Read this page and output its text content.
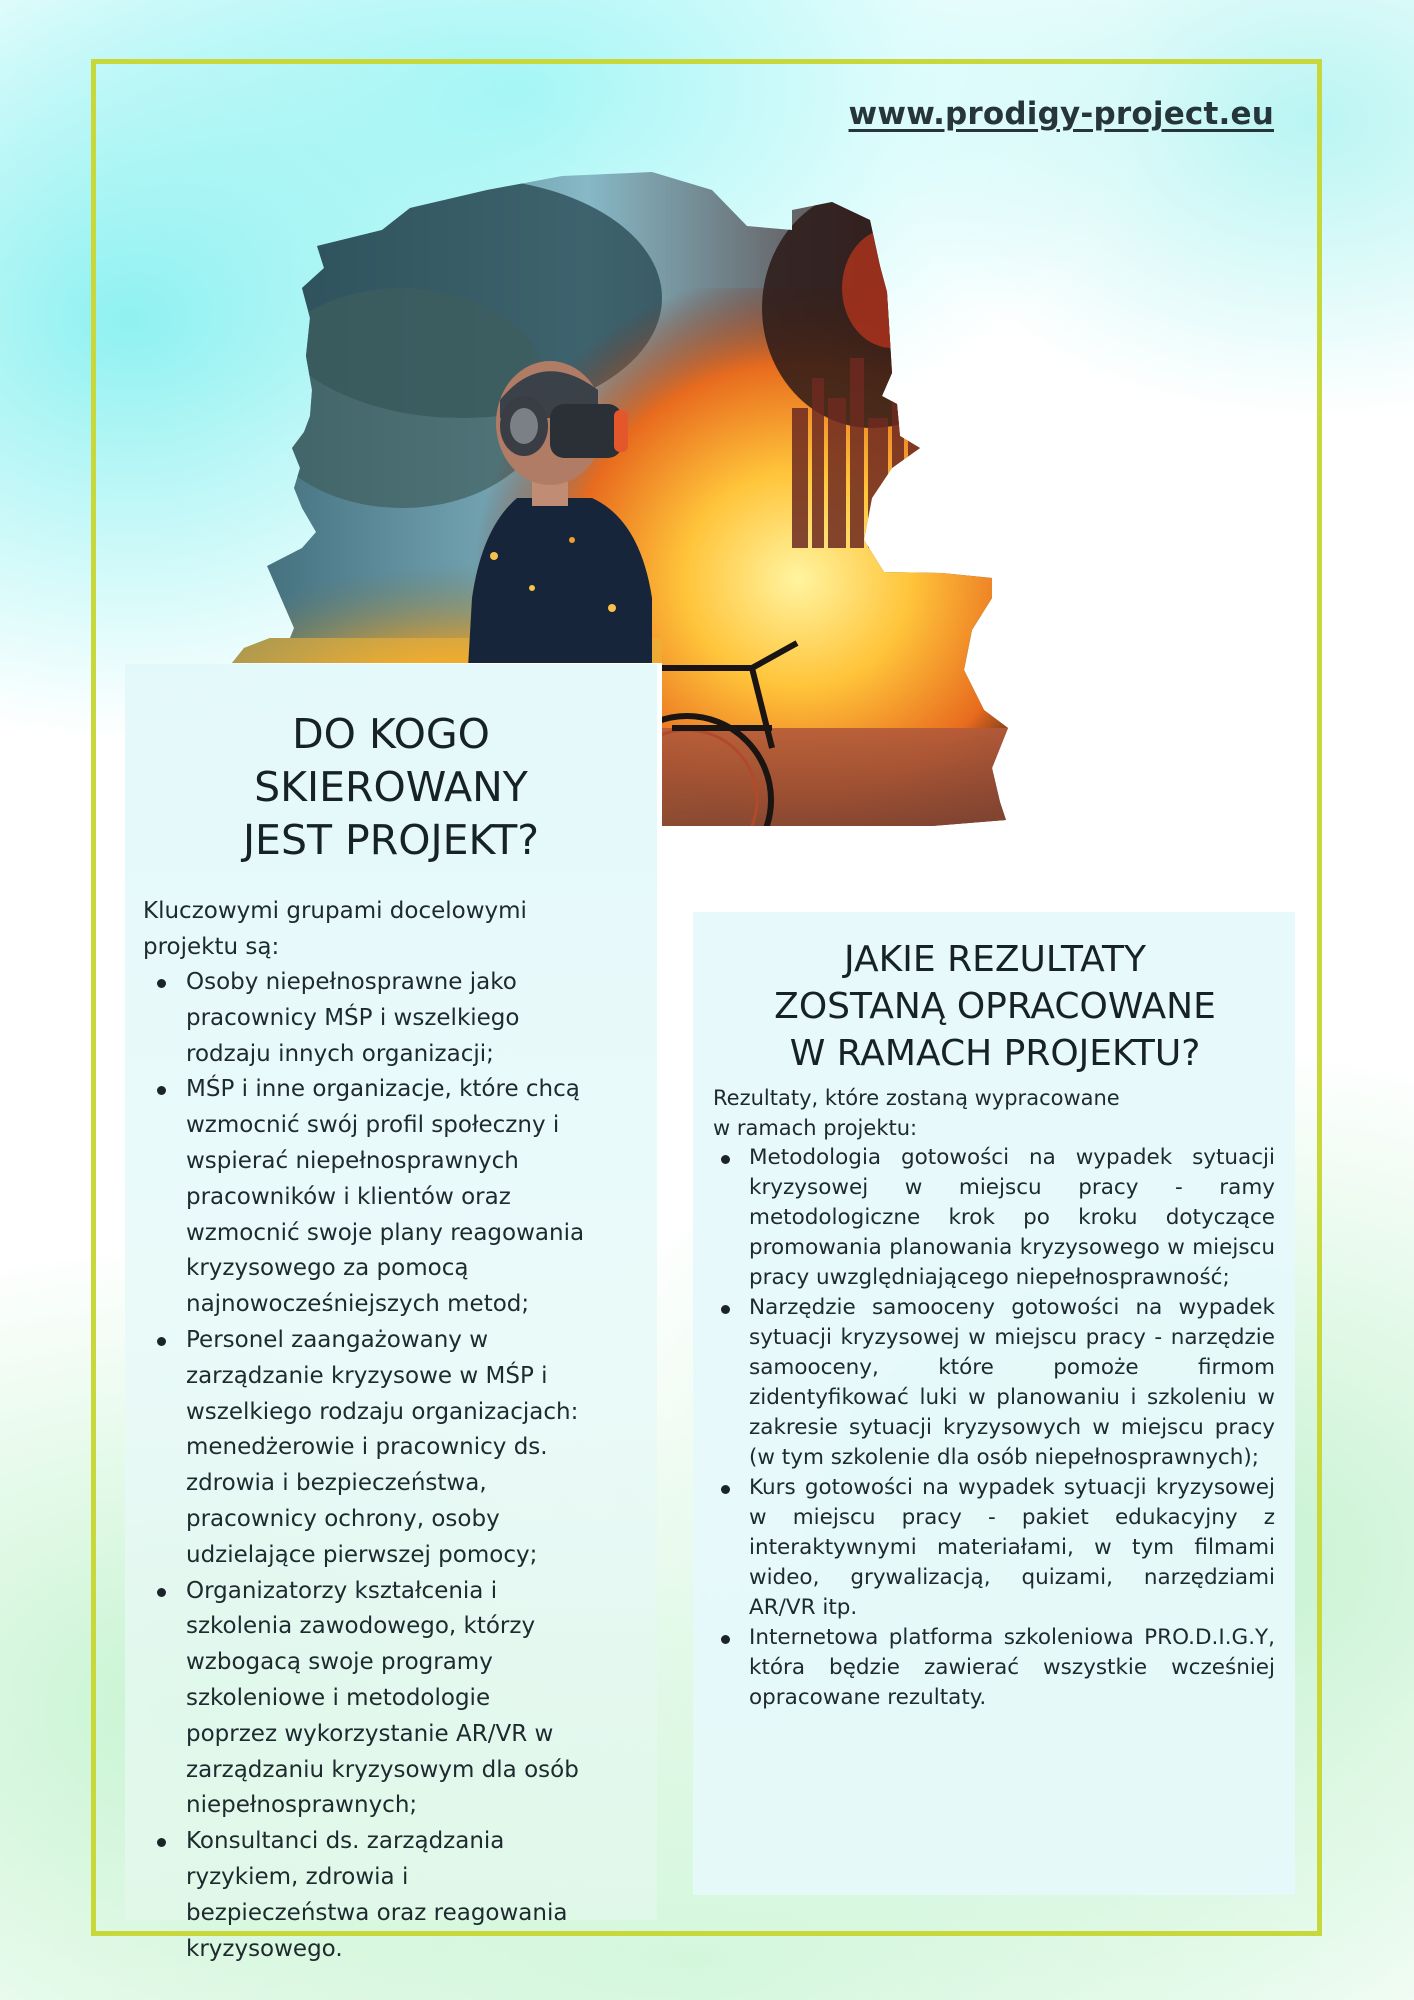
www.prodigy-project.eu
DO KOGO
SKIEROWANY
JEST PROJEKT?

Kluczowymi grupami docelowymi
projektu są:

Osoby niepełnosprawne jako
pracownicy MŚP i wszelkiego
rodzaju innych organizacji;
MŚP i inne organizacje, które chcą
wzmocnić swój profil społeczny i
wspierać niepełnosprawnych
pracowników i klientów oraz
wzmocnić swoje plany reagowania
kryzysowego za pomocą
najnowocześniejszych metod;
Personel zaangażowany w
zarządzanie kryzysowe w MŚP i
wszelkiego rodzaju organizacjach:
menedżerowie i pracownicy ds.
zdrowia i bezpieczeństwa,
pracownicy ochrony, osoby
udzielające pierwszej pomocy;
Organizatorzy kształcenia i
szkolenia zawodowego, którzy
wzbogacą swoje programy
szkoleniowe i metodologie
poprzez wykorzystanie AR/VR w
zarządzaniu kryzysowym dla osób
niepełnosprawnych;
Konsultanci ds. zarządzania
ryzykiem, zdrowia i
bezpieczeństwa oraz reagowania
kryzysowego.
JAKIE REZULTATY
ZOSTANĄ OPRACOWANE
W RAMACH PROJEKTU?

Rezultaty, które zostaną wypracowane
w ramach projektu:

Metodologia gotowości na wypadek sytuacji kryzysowej w miejscu pracy - ramy metodologiczne krok po kroku dotyczące promowania planowania kryzysowego w miejscu pracy uwzględniającego niepełnosprawność;
Narzędzie samooceny gotowości na wypadek sytuacji kryzysowej w miejscu pracy - narzędzie samooceny, które pomoże firmom zidentyfikować luki w planowaniu i szkoleniu w zakresie sytuacji kryzysowych w miejscu pracy (w tym szkolenie dla osób niepełnosprawnych);
Kurs gotowości na wypadek sytuacji kryzysowej w miejscu pracy - pakiet edukacyjny z interaktywnymi materiałami, w tym filmami wideo, grywalizacją, quizami, narzędziami AR/VR itp.
Internetowa platforma szkoleniowa PRO.D.I.G.Y, która będzie zawierać wszystkie wcześniej opracowane rezultaty.
